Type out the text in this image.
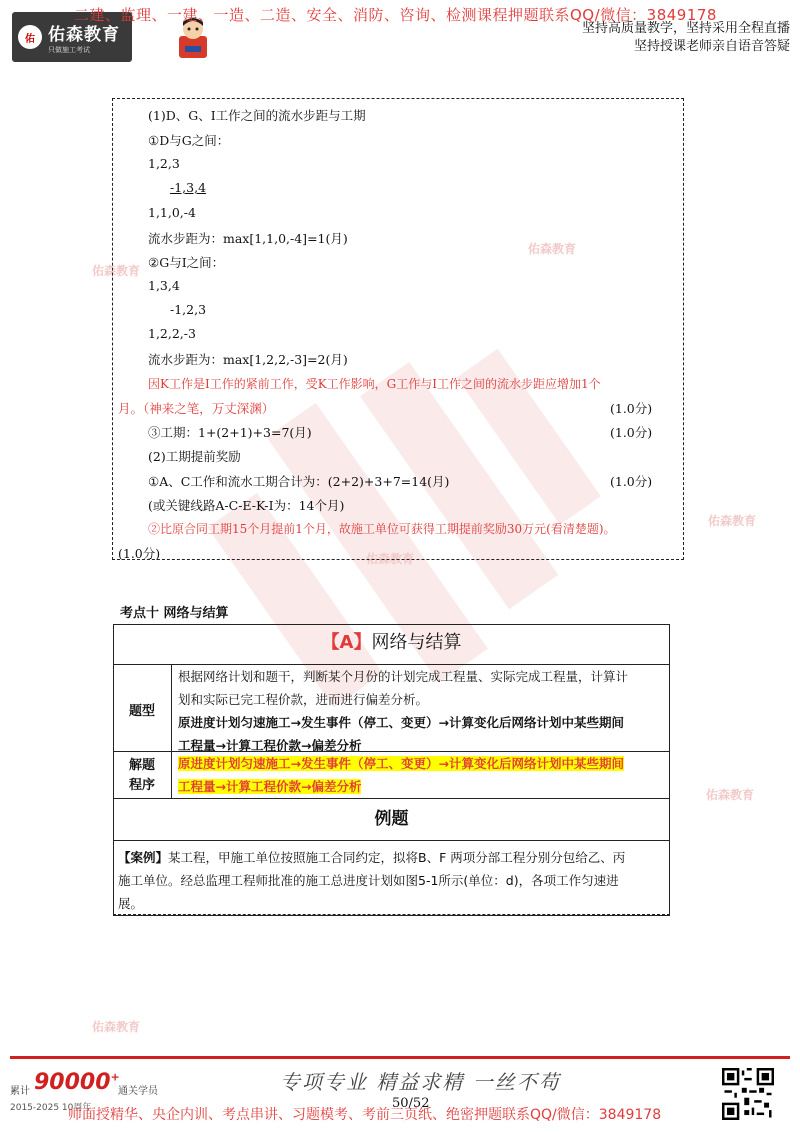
佑 佑森教育
只做施工考试
二建、监理、一建、一造、二造、安全、消防、咨询、检测课程押题联系QQ/微信：3849178
坚持高质量教学，坚持采用全程直播
坚持授课老师亲自语音答疑
佑森教育
佑森教育
佑森教育
佑森教育
佑森教育
佑森教育
(1)D、G、I工作之间的流水步距与工期
①D与G之间：
1,2,3
-1,3,4
1,1,0,-4
流水步距为：max[1,1,0,-4]=1(月)
②G与I之间：
1,3,4
-1,2,3
1,2,2,-3
流水步距为：max[1,2,2,-3]=2(月)
因K工作是I工作的紧前工作，受K工作影响，G工作与I工作之间的流水步距应增加1个
月。（神来之笔，万丈深渊）	(1.0分)
③工期：1+(2+1)+3=7(月)	(1.0分)
(2)工期提前奖励
①A、C工作和流水工期合计为：(2+2)+3+7=14(月)	(1.0分)
(或关键线路A-C-E-K-I为：14个月)
②比原合同工期15个月提前1个月，故施工单位可获得工期提前奖励30万元(看清楚题)。
(1.0分)
考点十 网络与结算
【A】网络与结算
题型
根据网络计划和题干，判断某个月份的计划完成工程量、实际完成工程量，计算计
划和实际已完工程价款，进而进行偏差分析。
原进度计划匀速施工→发生事件（停工、变更）→计算变化后网络计划中某些期间
工程量→计算工程价款→偏差分析
解题
程序
原进度计划匀速施工→发生事件（停工、变更）→计算变化后网络计划中某些期间
工程量→计算工程价款→偏差分析
例题
【案例】某工程，甲施工单位按照施工合同约定，拟将B、F 两项分部工程分别分包给乙、丙
施工单位。经总监理工程师批准的施工总进度计划如图5-1所示(单位：d)，各项工作匀速进
展。
累计 90000+
通关学员
2015-2025 10周年
专项专业 精益求精 一丝不苟
50/52
师面授精华、央企内训、考点串讲、习题模考、考前三页纸、绝密押题联系QQ/微信：3849178
